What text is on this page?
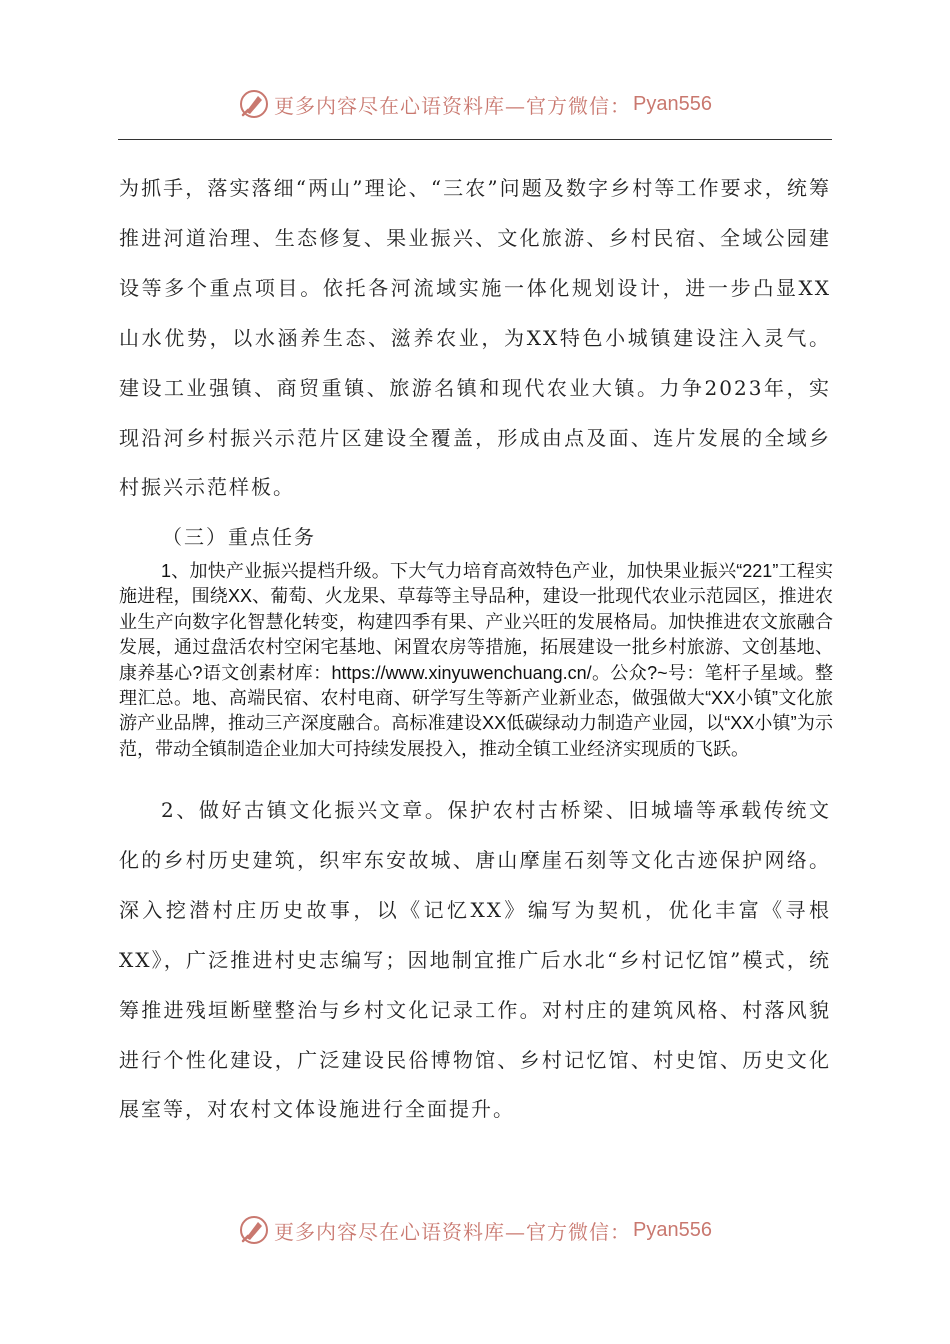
更多内容尽在心语资料库—官方微信： Pyan556

为抓手，落实落细“两山”理论、“三农”问题及数字乡村等工作要求，统筹推进河道治理、生态修复、果业振兴、文化旅游、乡村民宿、全域公园建设等多个重点项目。依托各河流域实施一体化规划设计，进一步凸显XX山水优势，以水涵养生态、滋养农业，为XX特色小城镇建设注入灵气。建设工业强镇、商贸重镇、旅游名镇和现代农业大镇。力争2023年，实现沿河乡村振兴示范片区建设全覆盖，形成由点及面、连片发展的全域乡村振兴示范样板。

（三）重点任务

1、加快产业振兴提档升级。下大气力培育高效特色产业，加快果业振兴“221”工程实施进程，围绕XX、葡萄、火龙果、草莓等主导品种，建设一批现代农业示范园区，推进农业生产向数字化智慧化转变，构建四季有果、产业兴旺的发展格局。加快推进农文旅融合发展，通过盘活农村空闲宅基地、闲置农房等措施，拓展建设一批乡村旅游、文创基地、康养基心?语文创素材库：https://www.xinyuwenchuang.cn/。公众?~号：笔杆子星域。整理汇总。地、高端民宿、农村电商、研学写生等新产业新业态，做强做大“XX小镇”文化旅游产业品牌，推动三产深度融合。高标准建设XX低碳绿动力制造产业园，以“XX小镇”为示范，带动全镇制造企业加大可持续发展投入，推动全镇工业经济实现质的飞跃。

2、做好古镇文化振兴文章。保护农村古桥梁、旧城墙等承载传统文化的乡村历史建筑，织牢东安故城、唐山摩崖石刻等文化古迹保护网络。深入挖潜村庄历史故事，以《记忆XX》编写为契机，优化丰富《寻根XX》，广泛推进村史志编写；因地制宜推广后水北“乡村记忆馆”模式，统筹推进残垣断壁整治与乡村文化记录工作。对村庄的建筑风格、村落风貌进行个性化建设，广泛建设民俗博物馆、乡村记忆馆、村史馆、历史文化展室等，对农村文体设施进行全面提升。

更多内容尽在心语资料库—官方微信： Pyan556
